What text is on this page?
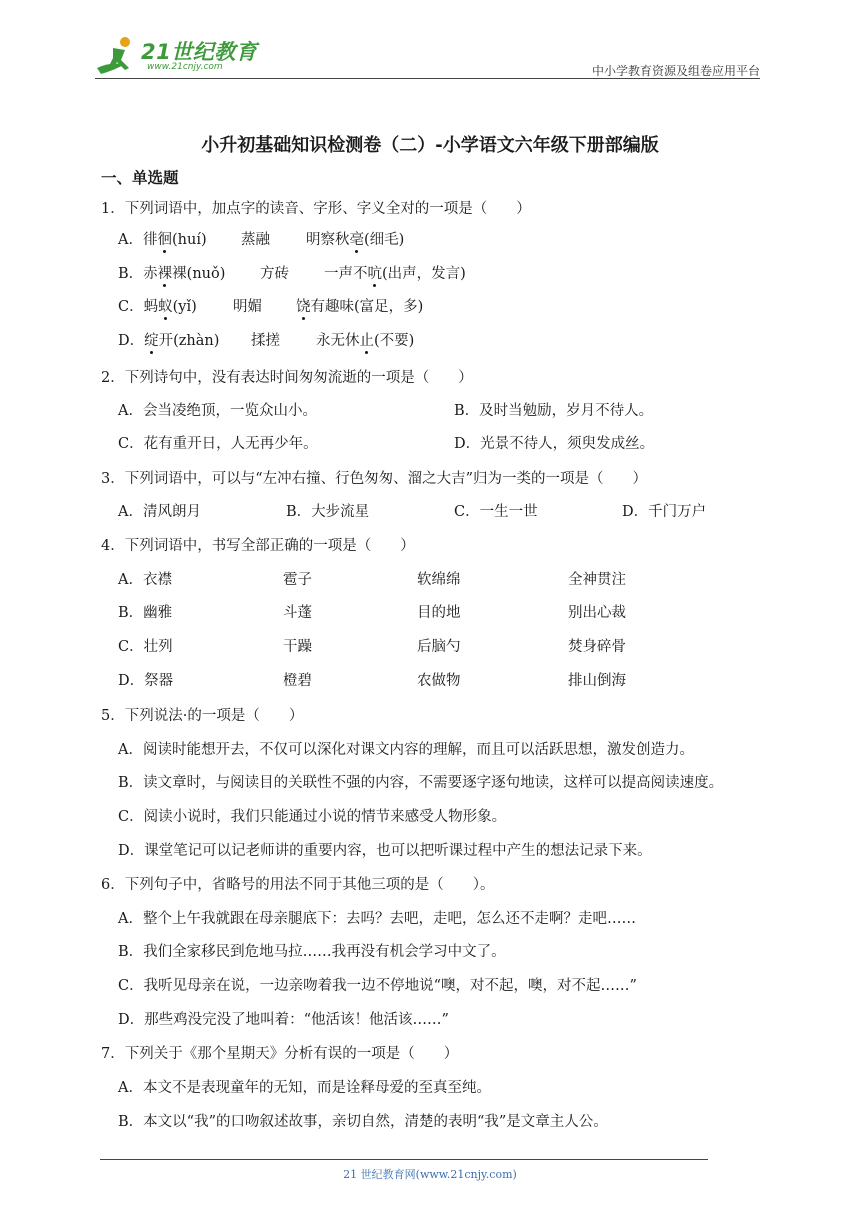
21世纪教育
www.21cnjy.com	中小学教育资源及组卷应用平台
小升初基础知识检测卷（二）-小学语文六年级下册部编版
一、单选题
1．下列词语中，加点字的读音、字形、字义全对的一项是（　　）
A．徘徊(huí) 蒸融 明察秋亳(细毛)
B．赤裸裸(nuǒ) 方砖 一声不吭(出声，发言)
C．蚂蚁(yǐ) 明媚 饶有趣味(富足，多)
D．绽开(zhàn) 揉搓 永无休止(不要)
2．下列诗句中，没有表达时间匆匆流逝的一项是（　　）
A．会当凌绝顶，一览众山小。	B．及时当勉励，岁月不待人。
C．花有重开日，人无再少年。	D．光景不待人，须臾发成丝。
3．下列词语中，可以与“左冲右撞、行色匆匆、溜之大吉”归为一类的一项是（　　）
A．清风朗月	B．大步流星	C．一生一世	D．千门万户
4．下列词语中，书写全部正确的一项是（　　）
A．衣襟	雹子	软绵绵	全神贯注
B．幽雅	斗蓬	目的地	别出心裁
C．壮列	干躁	后脑勺	焚身碎骨
D．祭器	橙碧	农做物	排山倒海
5．下列说法·的一项是（　　）
A．阅读时能想开去，不仅可以深化对课文内容的理解，而且可以活跃思想，激发创造力。
B．读文章时，与阅读目的关联性不强的内容，不需要逐字逐句地读，这样可以提高阅读速度。
C．阅读小说时，我们只能通过小说的情节来感受人物形象。
D．课堂笔记可以记老师讲的重要内容，也可以把听课过程中产生的想法记录下来。
6．下列句子中，省略号的用法不同于其他三项的是（　　）。
A．整个上午我就跟在母亲腿底下：去吗？去吧，走吧，怎么还不走啊？走吧……
B．我们全家移民到危地马拉……我再没有机会学习中文了。
C．我听见母亲在说，一边亲吻着我一边不停地说“噢，对不起，噢，对不起……”
D．那些鸡没完没了地叫着：“他活该！他活该……”
7．下列关于《那个星期天》分析有误的一项是（　　）
A．本文不是表现童年的无知，而是诠释母爱的至真至纯。
B．本文以“我”的口吻叙述故事，亲切自然，清楚的表明“我”是文章主人公。
21 世纪教育网(www.21cnjy.com)
